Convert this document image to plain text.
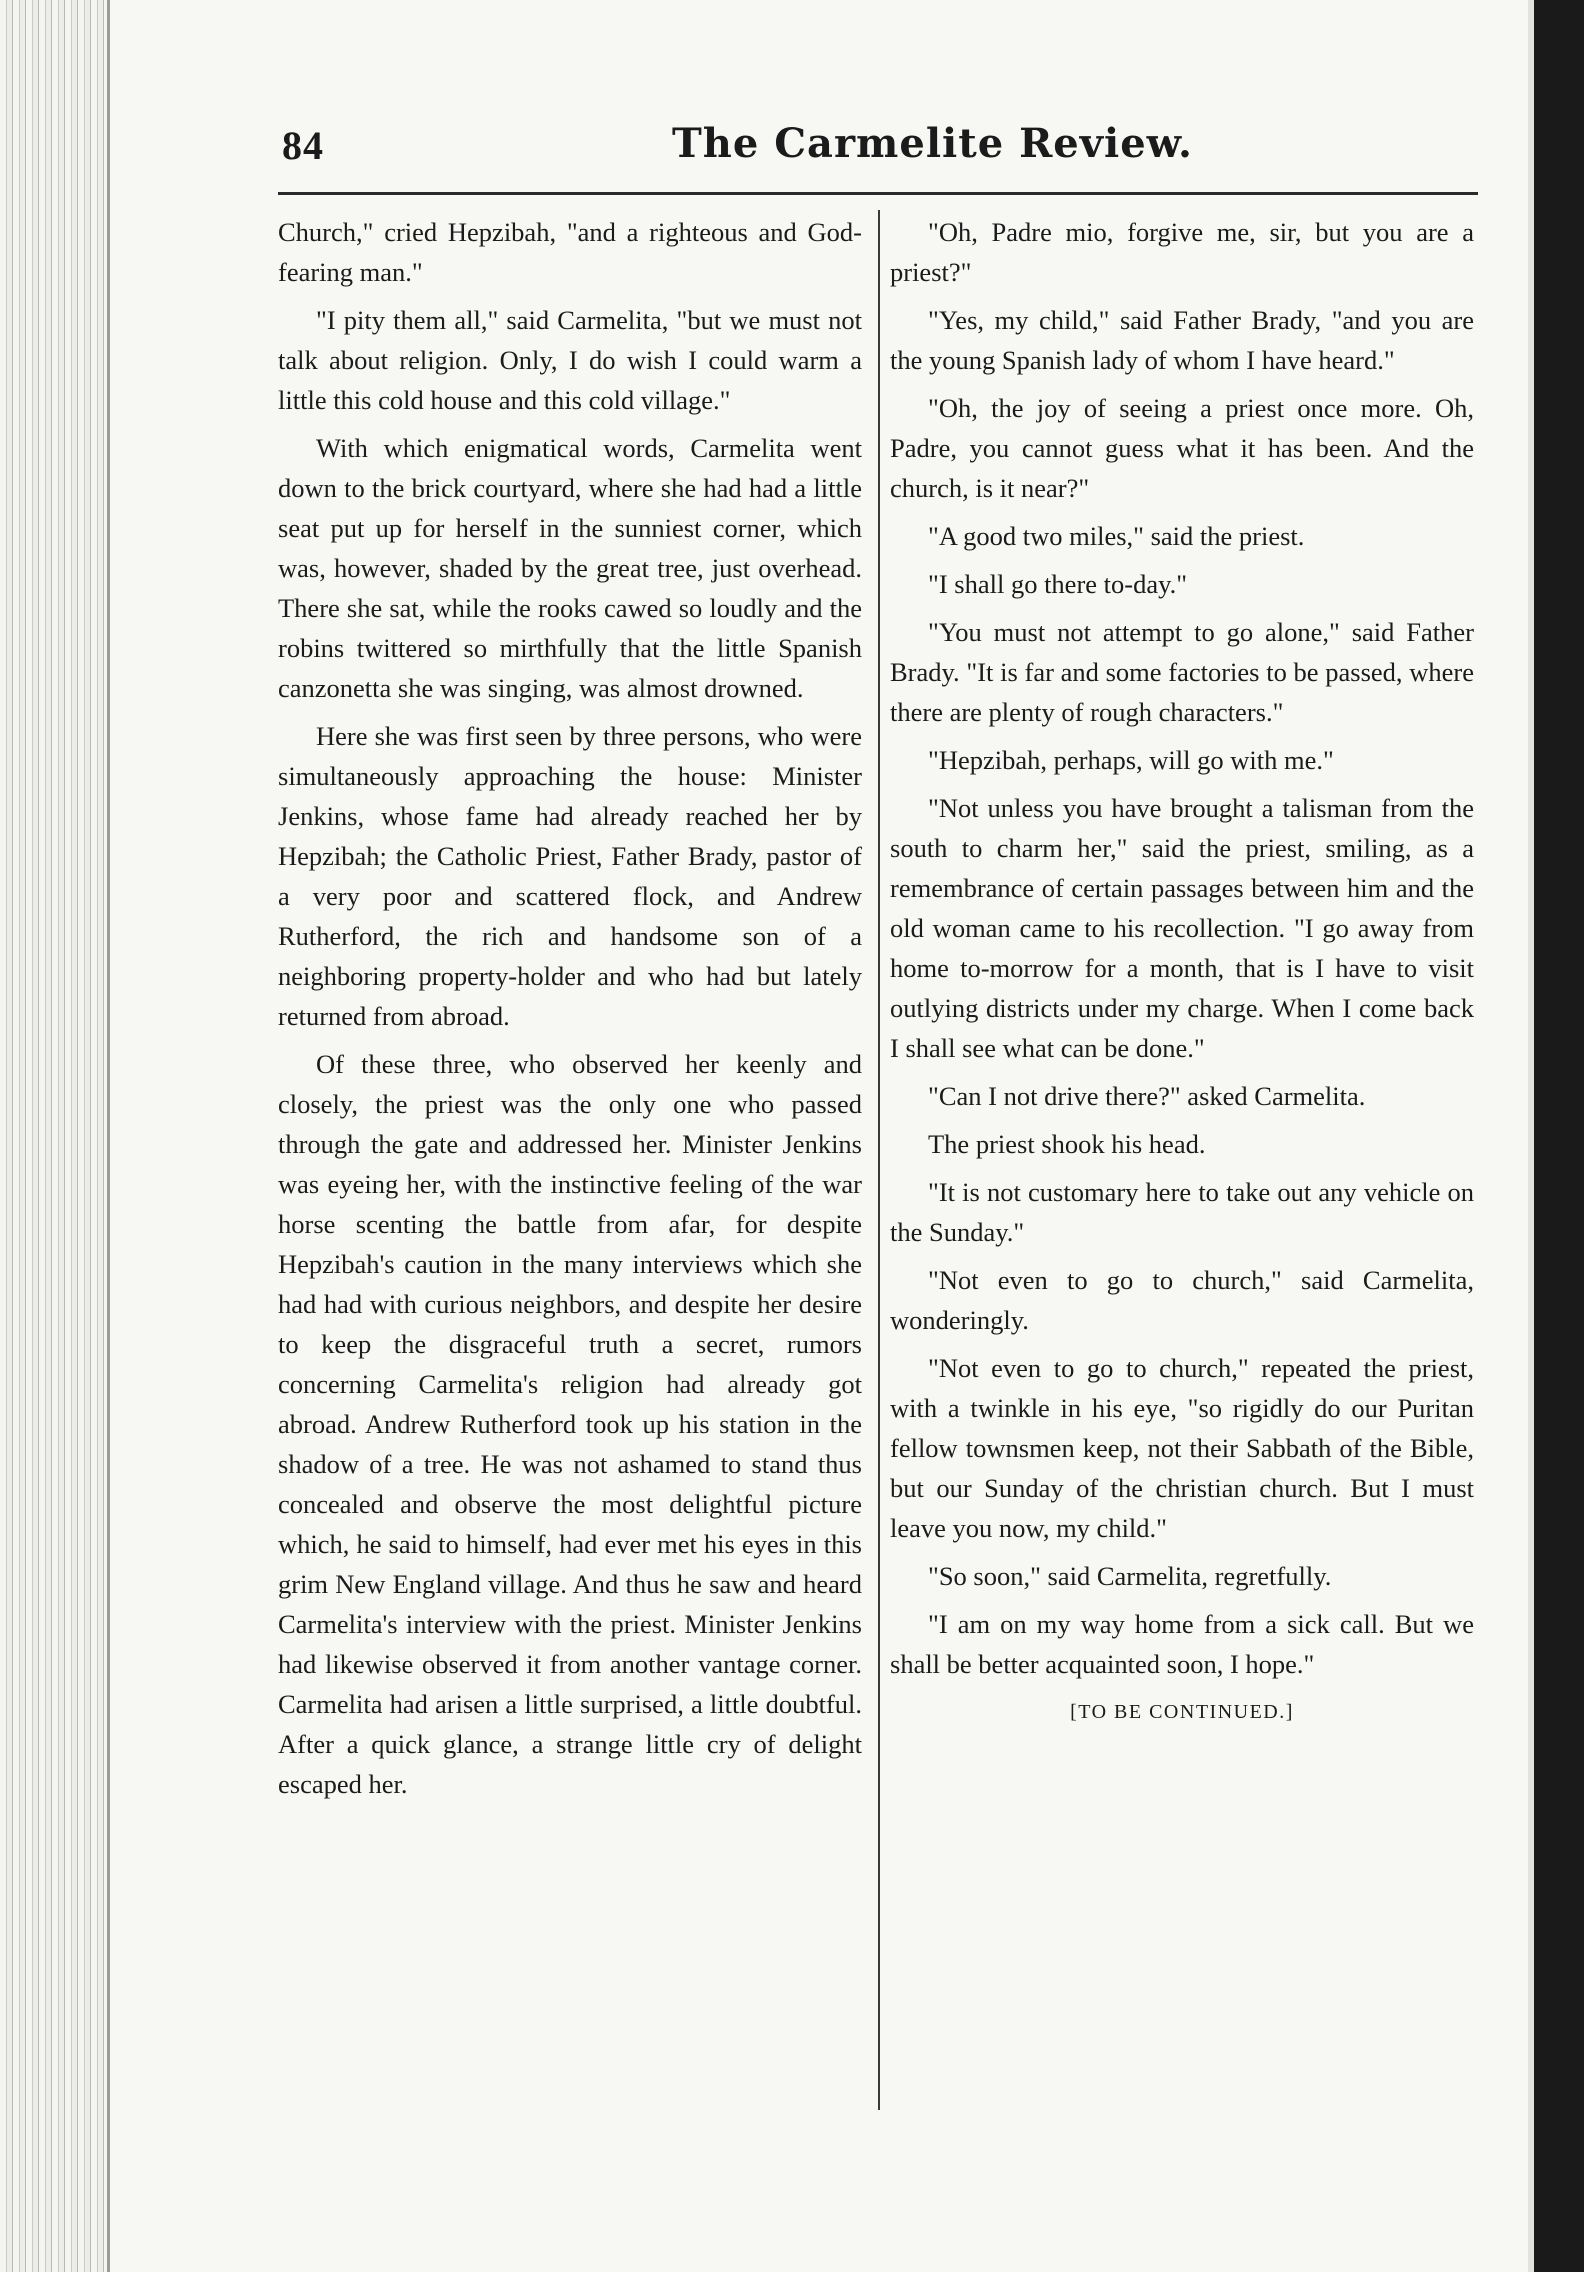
84	The Carmelite Review.

Church," cried Hepzibah, "and a righteous and God-fearing man."

"I pity them all," said Carmelita, "but we must not talk about religion. Only, I do wish I could warm a little this cold house and this cold village."

With which enigmatical words, Carmelita went down to the brick courtyard, where she had had a little seat put up for herself in the sunniest corner, which was, however, shaded by the great tree, just overhead. There she sat, while the rooks cawed so loudly and the robins twittered so mirthfully that the little Spanish canzonetta she was singing, was almost drowned.

Here she was first seen by three persons, who were simultaneously approaching the house: Minister Jenkins, whose fame had already reached her by Hepzibah; the Catholic Priest, Father Brady, pastor of a very poor and scattered flock, and Andrew Rutherford, the rich and handsome son of a neighboring property-holder and who had but lately returned from abroad.

Of these three, who observed her keenly and closely, the priest was the only one who passed through the gate and addressed her. Minister Jenkins was eyeing her, with the instinctive feeling of the war horse scenting the battle from afar, for despite Hepzibah's caution in the many interviews which she had had with curious neighbors, and despite her desire to keep the disgraceful truth a secret, rumors concerning Carmelita's religion had already got abroad. Andrew Rutherford took up his station in the shadow of a tree. He was not ashamed to stand thus concealed and observe the most delightful picture which, he said to himself, had ever met his eyes in this grim New England village. And thus he saw and heard Carmelita's interview with the priest. Minister Jenkins had likewise observed it from another vantage corner. Carmelita had arisen a little surprised, a little doubtful. After a quick glance, a strange little cry of delight escaped her.

"Oh, Padre mio, forgive me, sir, but you are a priest?"

"Yes, my child," said Father Brady, "and you are the young Spanish lady of whom I have heard."

"Oh, the joy of seeing a priest once more. Oh, Padre, you cannot guess what it has been. And the church, is it near?"

"A good two miles," said the priest.

"I shall go there to-day."

"You must not attempt to go alone," said Father Brady. "It is far and some factories to be passed, where there are plenty of rough characters."

"Hepzibah, perhaps, will go with me."

"Not unless you have brought a talisman from the south to charm her," said the priest, smiling, as a remembrance of certain passages between him and the old woman came to his recollection. "I go away from home to-morrow for a month, that is I have to visit outlying districts under my charge. When I come back I shall see what can be done."

"Can I not drive there?" asked Carmelita.

The priest shook his head.

"It is not customary here to take out any vehicle on the Sunday."

"Not even to go to church," said Carmelita, wonderingly.

"Not even to go to church," repeated the priest, with a twinkle in his eye, "so rigidly do our Puritan fellow townsmen keep, not their Sabbath of the Bible, but our Sunday of the christian church. But I must leave you now, my child."

"So soon," said Carmelita, regretfully.

"I am on my way home from a sick call. But we shall be better acquainted soon, I hope."

[TO BE CONTINUED.]
